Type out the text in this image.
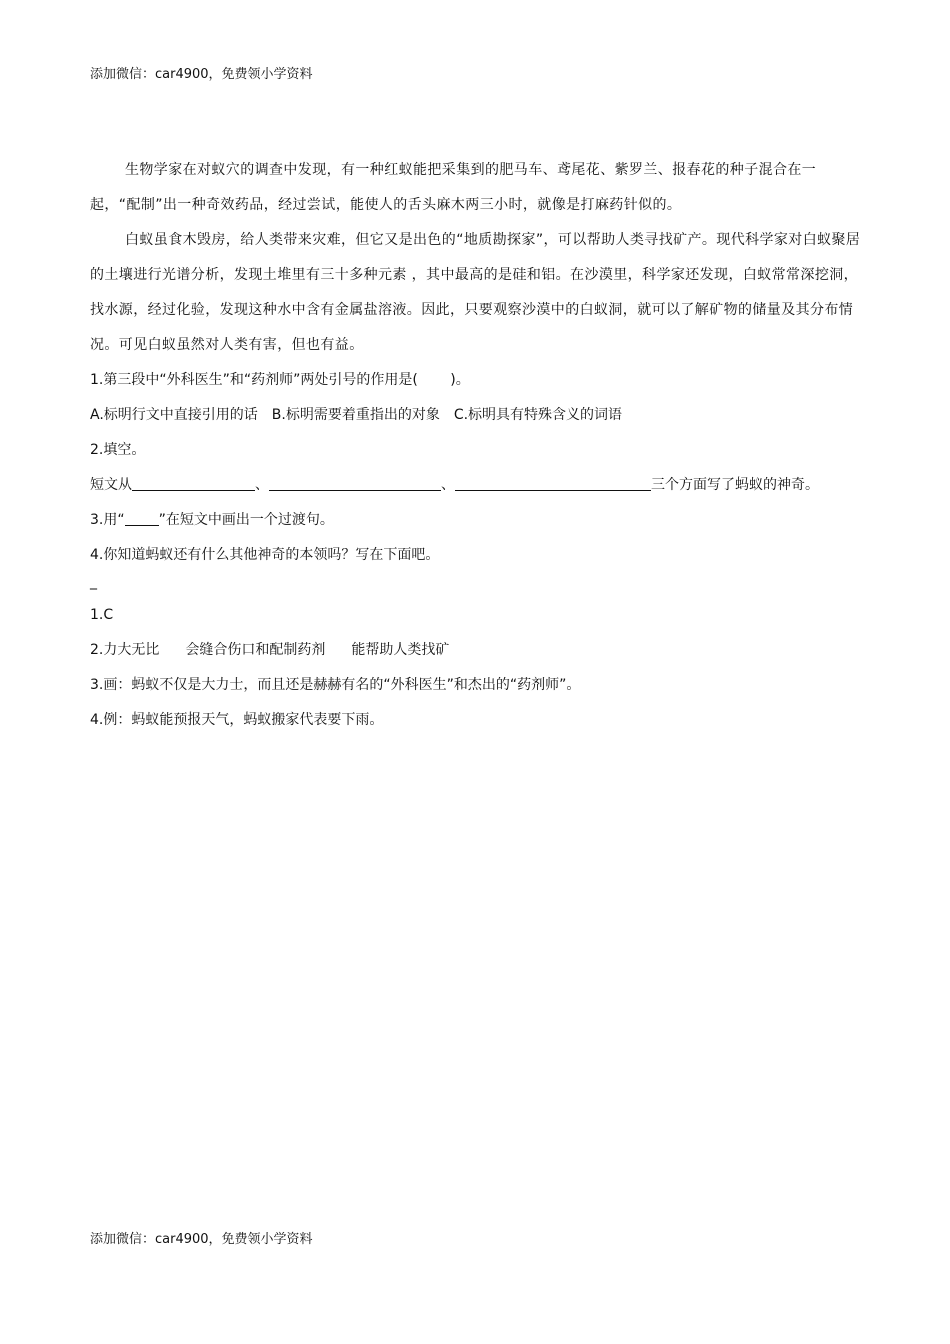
添加微信：car4900，免费领小学资料

生物学家在对蚁穴的调查中发现，有一种红蚁能把采集到的肥马车、鸢尾花、紫罗兰、报春花的种子混合在一起，“配制”出一种奇效药品，经过尝试，能使人的舌头麻木两三小时，就像是打麻药针似的。

白蚁虽食木毁房，给人类带来灾难，但它又是出色的“地质勘探家”，可以帮助人类寻找矿产。现代科学家对白蚁聚居的土壤进行光谱分析，发现土堆里有三十多种元素 ，其中最高的是硅和铝。在沙漠里，科学家还发现，白蚁常常深挖洞，找水源，经过化验，发现这种水中含有金属盐溶液。因此，只要观察沙漠中的白蚁洞，就可以了解矿物的储量及其分布情况。可见白蚁虽然对人类有害，但也有益。

1.第三段中“外科医生”和“药剂师”两处引号的作用是(　　 )。

A.标明行文中直接引用的话　B.标明需要着重指出的对象　C.标明具有特殊含义的词语

2.填空。

短文从	、	、	三个方面写了蚂蚁的神奇。

3.用“ ”在短文中画出一个过渡句。

4.你知道蚂蚁还有什么其他神奇的本领吗？写在下面吧。

_

1.C

2.力大无比 会缝合伤口和配制药剂 能帮助人类找矿

3.画：蚂蚁不仅是大力士，而且还是赫赫有名的“外科医生”和杰出的“药剂师”。

4.例：蚂蚁能预报天气，蚂蚁搬家代表要下雨。

添加微信：car4900，免费领小学资料
